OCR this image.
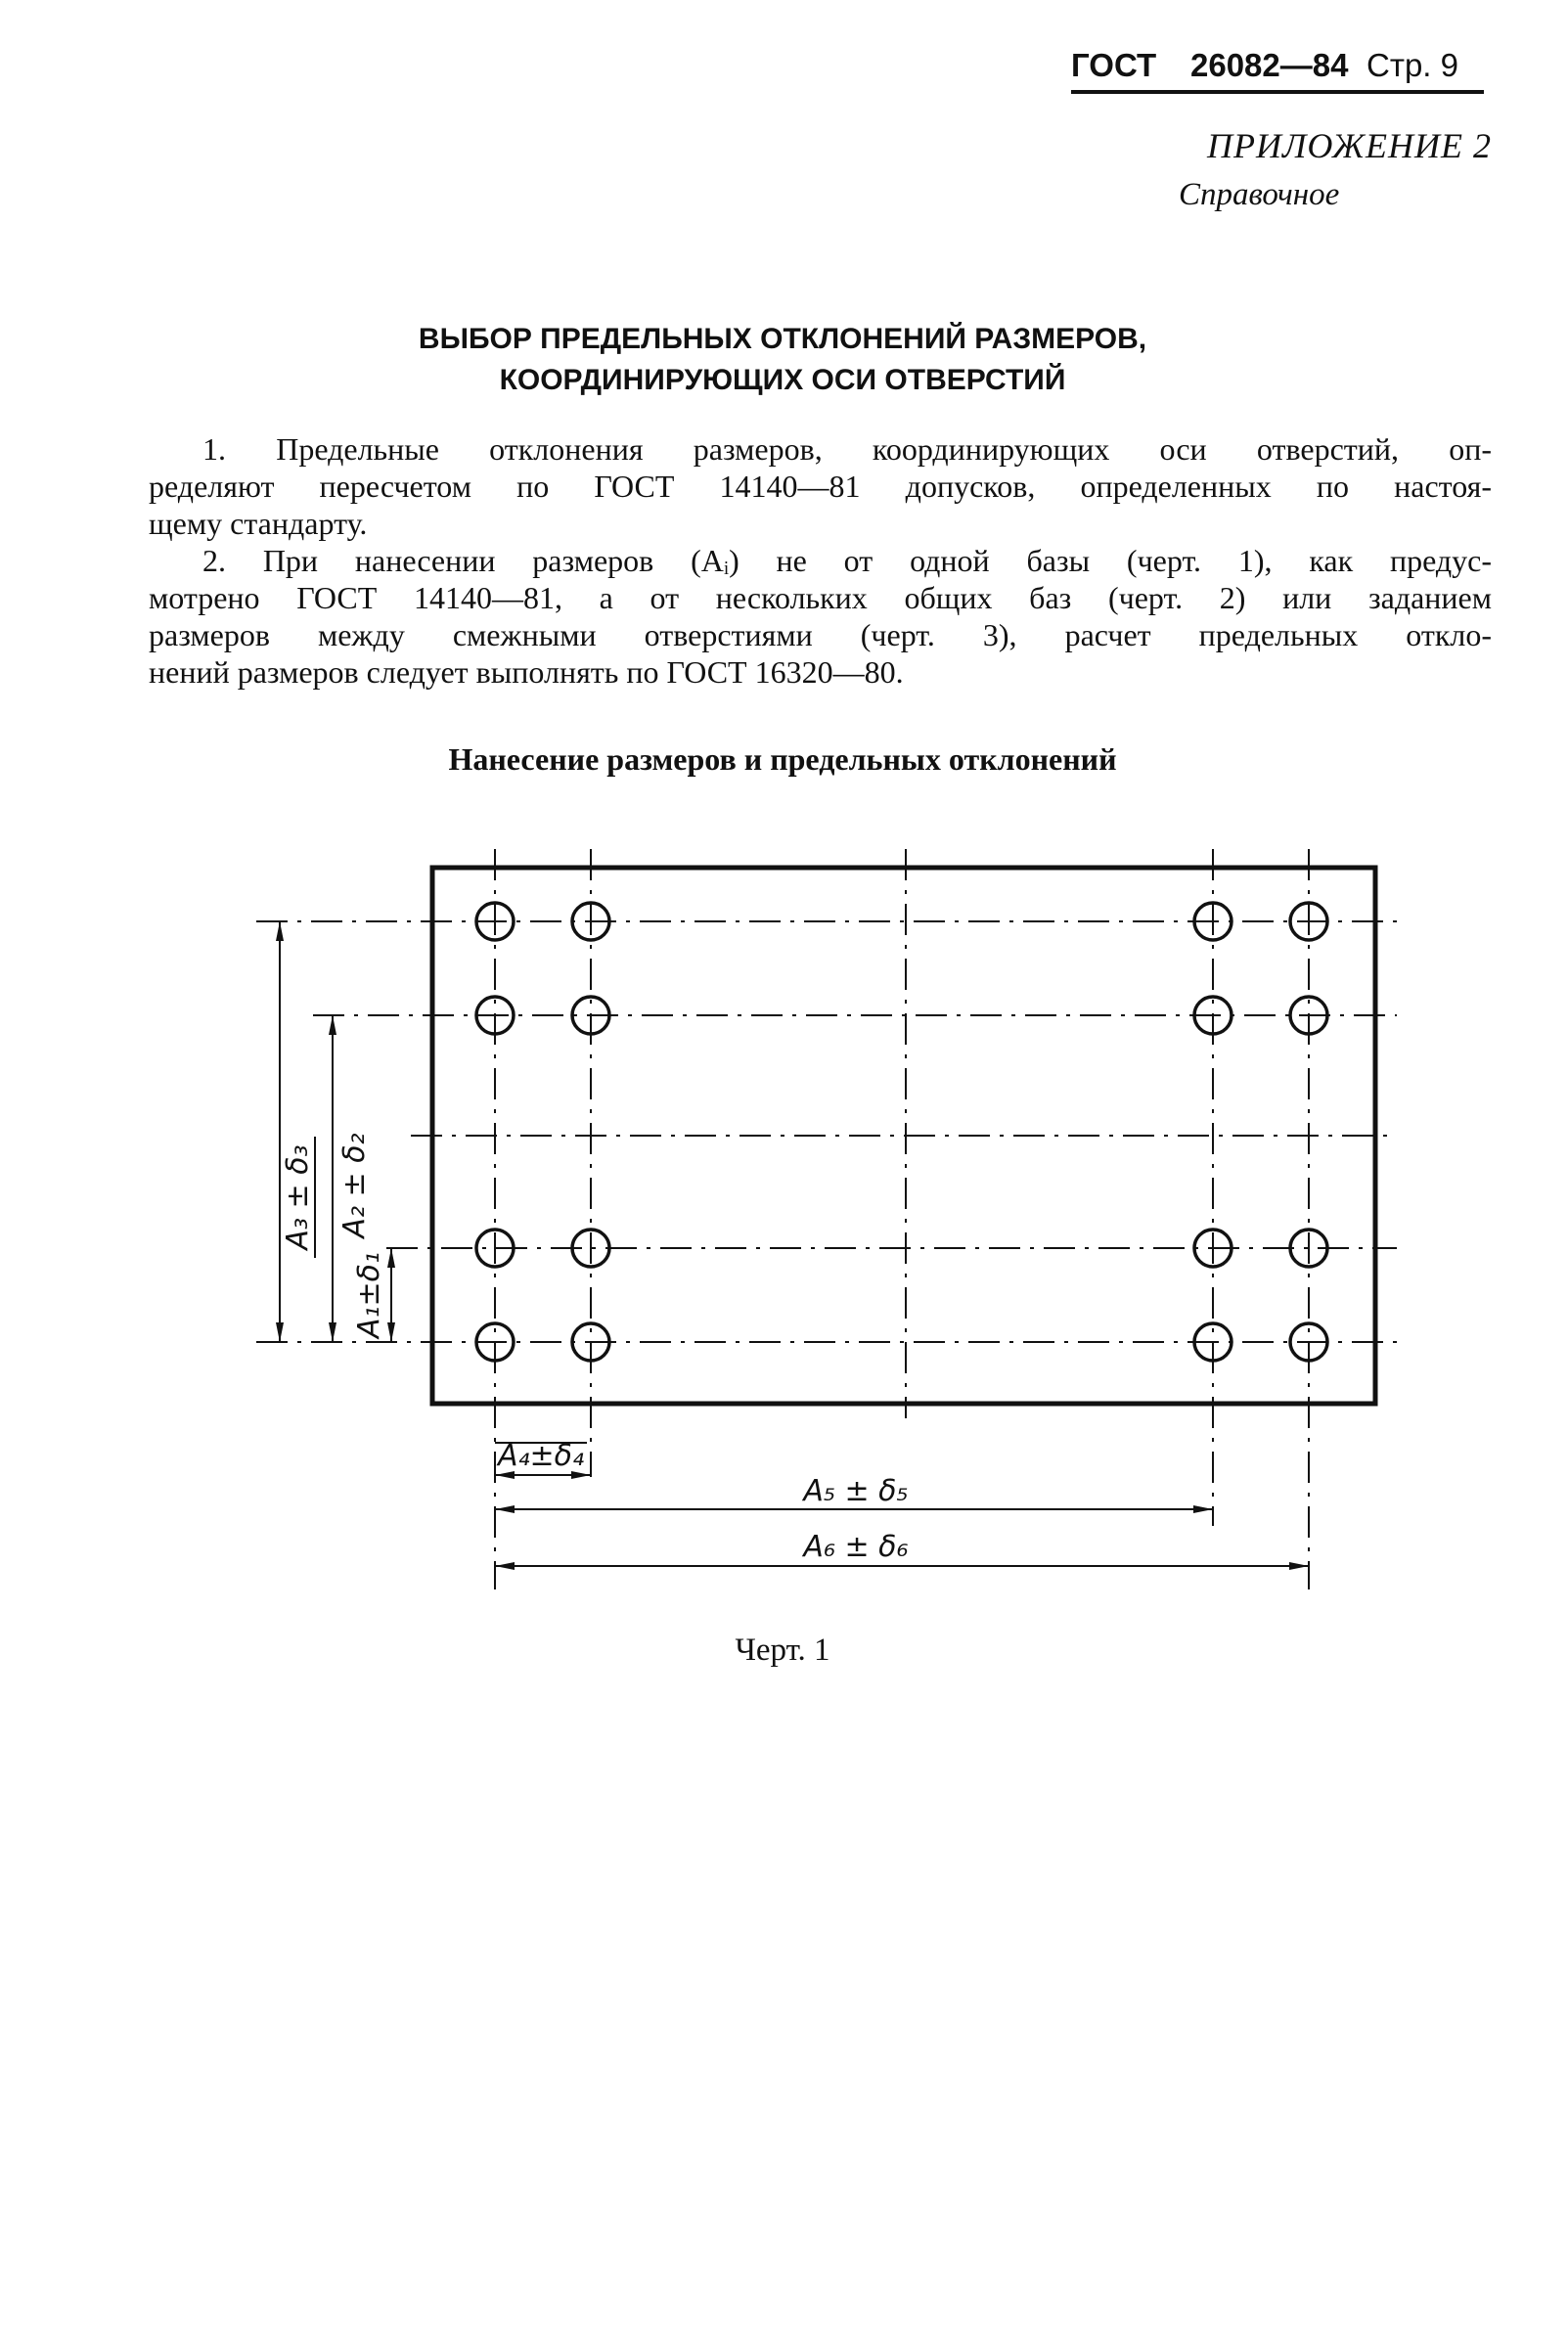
ГОСТ 26082—84 Стр. 9
ПРИЛОЖЕНИЕ 2
Справочное
ВЫБОР ПРЕДЕЛЬНЫХ ОТКЛОНЕНИЙ РАЗМЕРОВ,
КООРДИНИРУЮЩИХ ОСИ ОТВЕРСТИЙ
1. Предельные отклонения размеров, координирующих оси отверстий, оп-
ределяют пересчетом по ГОСТ 14140—81 допусков, определенных по настоя-
щему стандарту.
2. При нанесении размеров (Aᵢ) не от одной базы (черт. 1), как предус-
мотрено ГОСТ 14140—81, а от нескольких общих баз (черт. 2) или заданием
размеров между смежными отверстиями (черт. 3), расчет предельных откло-
нений размеров следует выполнять по ГОСТ 16320—80.
Нанесение размеров и предельных отклонений
A₃ ± δ₃ A₂ ± δ₂
A₁±δ₁
A₄±δ₄
A₅ ± δ₅
A₆ ± δ₆
Черт. 1
